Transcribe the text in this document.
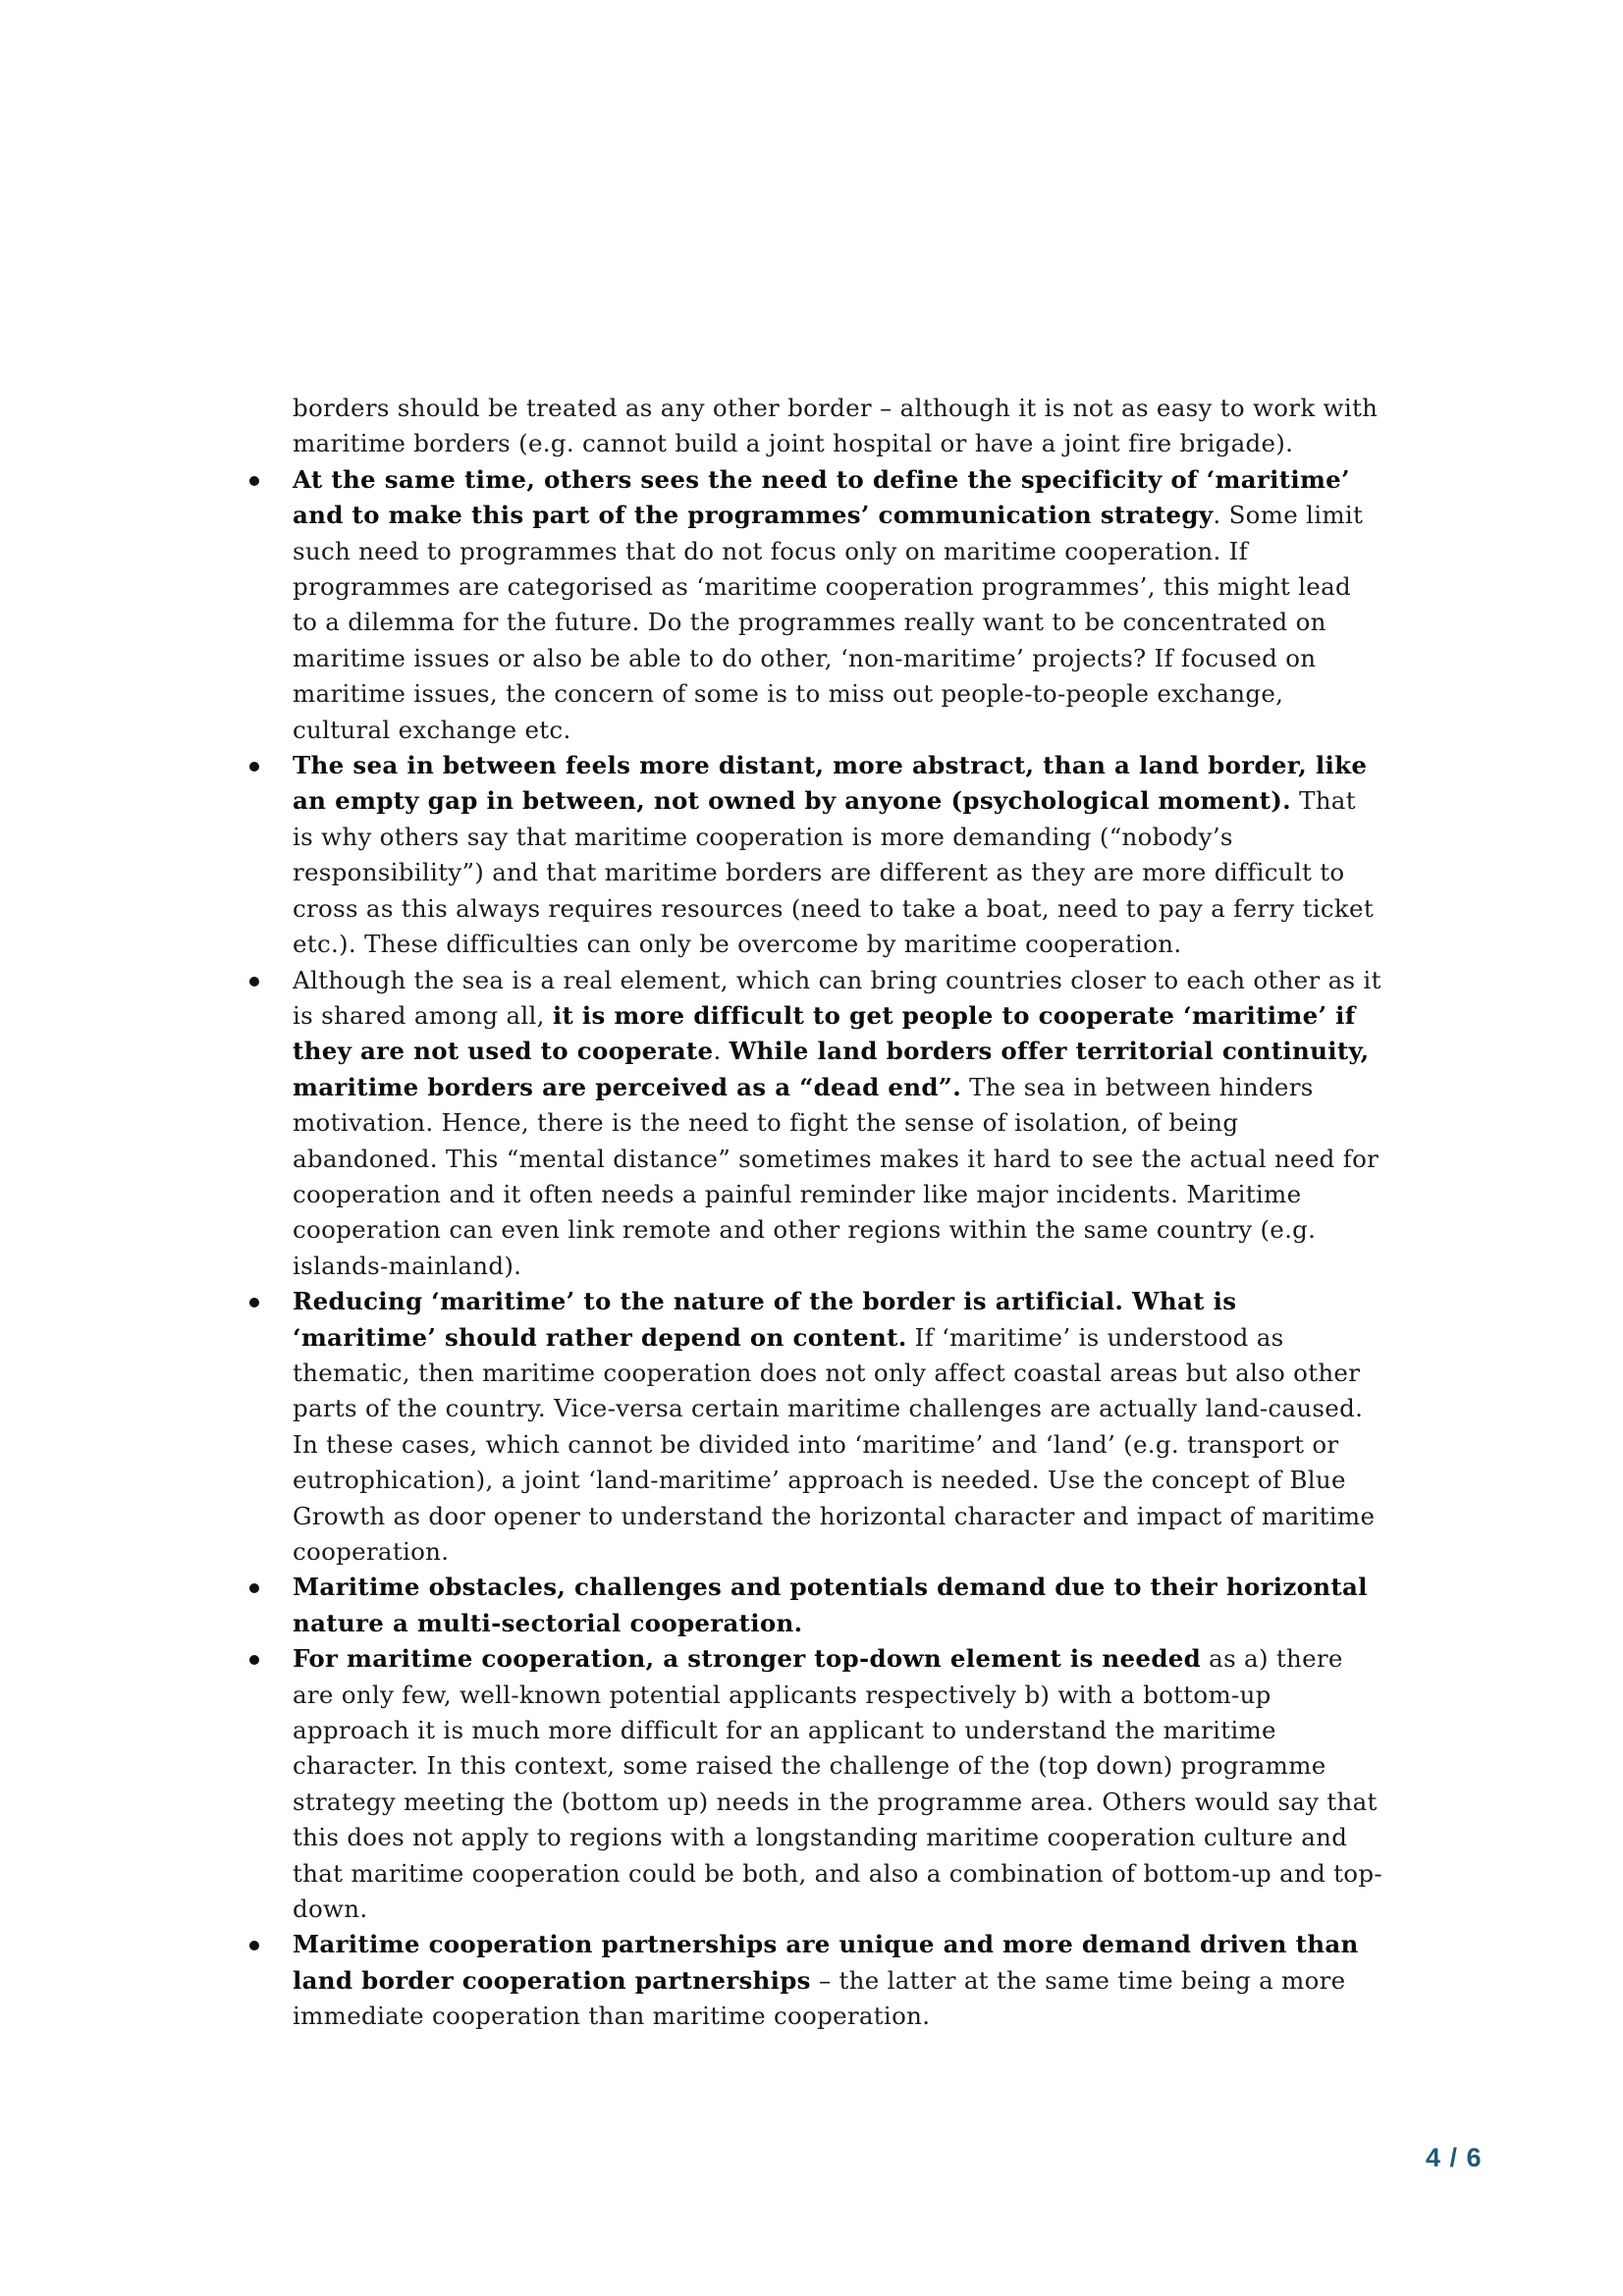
borders should be treated as any other border – although it is not as easy to work with maritime borders (e.g. cannot build a joint hospital or have a joint fire brigade).

At the same time, others sees the need to define the specificity of ‘maritime’ and to make this part of the programmes’ communication strategy. Some limit such need to programmes that do not focus only on maritime cooperation. If programmes are categorised as ‘maritime cooperation programmes’, this might lead to a dilemma for the future. Do the programmes really want to be concentrated on maritime issues or also be able to do other, ‘non-maritime’ projects? If focused on maritime issues, the concern of some is to miss out people-to-people exchange, cultural exchange etc.
The sea in between feels more distant, more abstract, than a land border, like an empty gap in between, not owned by anyone (psychological moment). That is why others say that maritime cooperation is more demanding (“nobody’s responsibility”) and that maritime borders are different as they are more difficult to cross as this always requires resources (need to take a boat, need to pay a ferry ticket etc.). These difficulties can only be overcome by maritime cooperation.
Although the sea is a real element, which can bring countries closer to each other as it is shared among all, it is more difficult to get people to cooperate ‘maritime’ if they are not used to cooperate. While land borders offer territorial continuity, maritime borders are perceived as a “dead end”. The sea in between hinders motivation. Hence, there is the need to fight the sense of isolation, of being abandoned. This “mental distance” sometimes makes it hard to see the actual need for cooperation and it often needs a painful reminder like major incidents. Maritime cooperation can even link remote and other regions within the same country (e.g. islands-mainland).
Reducing ‘maritime’ to the nature of the border is artificial. What is ‘maritime’ should rather depend on content. If ‘maritime’ is understood as thematic, then maritime cooperation does not only affect coastal areas but also other parts of the country. Vice-versa certain maritime challenges are actually land-caused. In these cases, which cannot be divided into ‘maritime’ and ‘land’ (e.g. transport or eutrophication), a joint ‘land-maritime’ approach is needed. Use the concept of Blue Growth as door opener to understand the horizontal character and impact of maritime cooperation.
Maritime obstacles, challenges and potentials demand due to their horizontal nature a multi-sectorial cooperation.
For maritime cooperation, a stronger top-down element is needed as a) there are only few, well-known potential applicants respectively b) with a bottom-up approach it is much more difficult for an applicant to understand the maritime character. In this context, some raised the challenge of the (top down) programme strategy meeting the (bottom up) needs in the programme area. Others would say that this does not apply to regions with a longstanding maritime cooperation culture and that maritime cooperation could be both, and also a combination of bottom-up and top-down.
Maritime cooperation partnerships are unique and more demand driven than land border cooperation partnerships – the latter at the same time being a more immediate cooperation than maritime cooperation.
4 / 6
